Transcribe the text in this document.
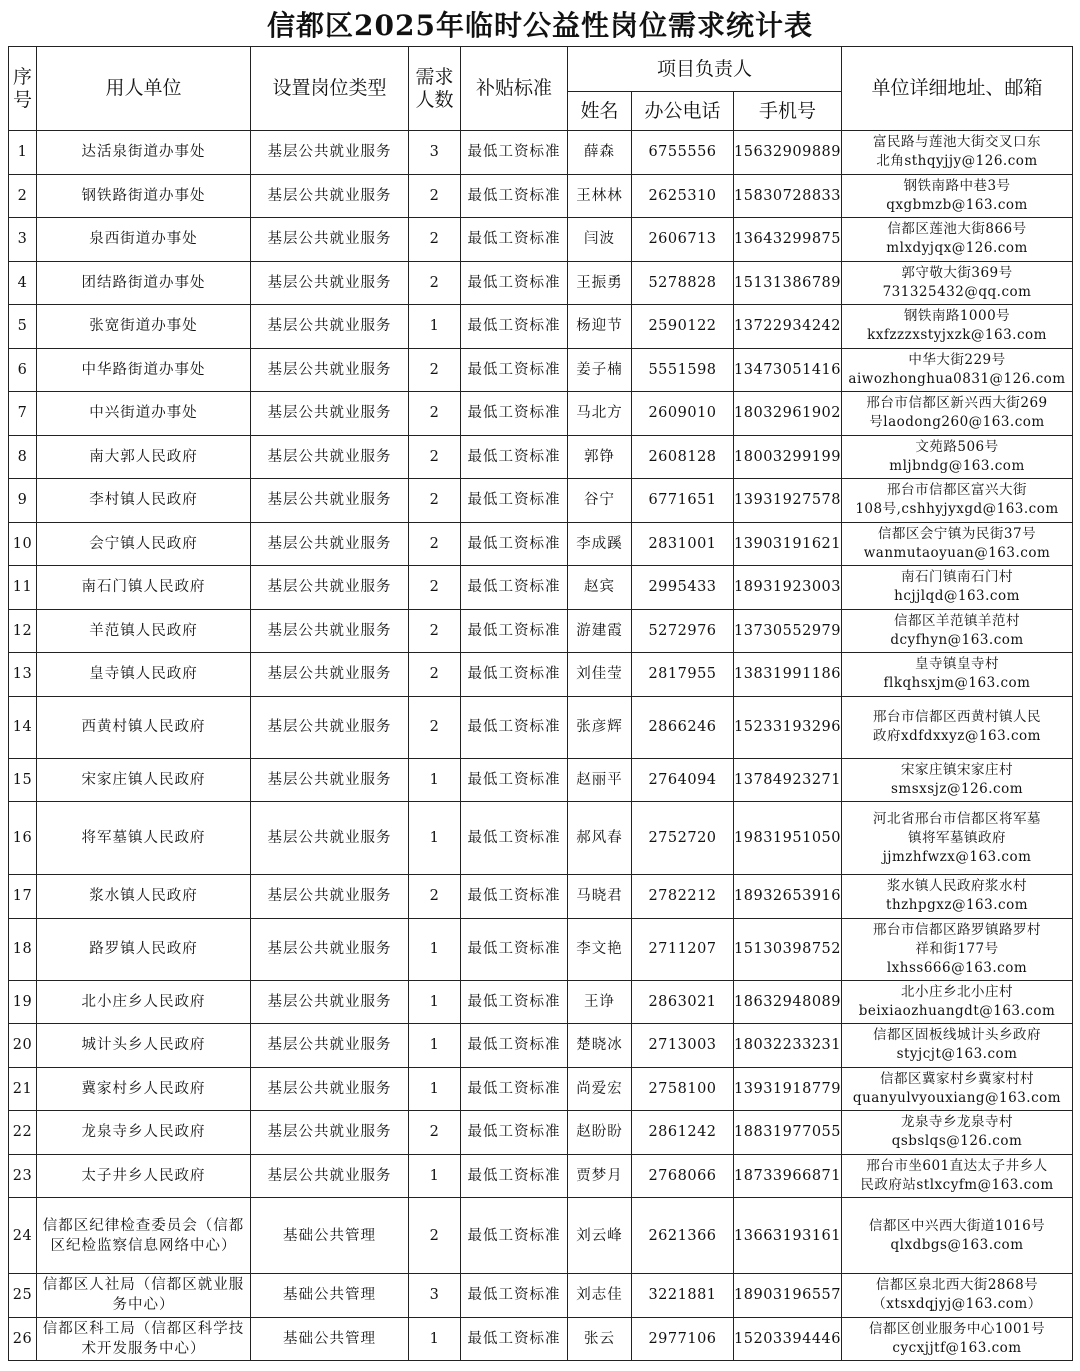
信都区2025年临时公益性岗位需求统计表
序号	用人单位	设置岗位类型	需求人数	补贴标准	项目负责人			单位详细地址、邮箱
					姓名	办公电话	手机号	
1	达活泉街道办事处	基层公共就业服务	3	最低工资标准	薛森	6755556	15632909889	富民路与莲池大街交叉口东
北角sthqyjjy@126.com

2	钢铁路街道办事处	基层公共就业服务	2	最低工资标准	王林林	2625310	15830728833	钢铁南路中巷3号
qxgbmzb@163.com

3	泉西街道办事处	基层公共就业服务	2	最低工资标准	闫波	2606713	13643299875	信都区莲池大街866号
mlxdyjqx@126.com

4	团结路街道办事处	基层公共就业服务	2	最低工资标准	王振勇	5278828	15131386789	郭守敬大街369号
731325432@qq.com

5	张宽街道办事处	基层公共就业服务	1	最低工资标准	杨迎节	2590122	13722934242	钢铁南路1000号
kxfzzzxstyjxzk@163.com

6	中华路街道办事处	基层公共就业服务	2	最低工资标准	姜子楠	5551598	13473051416	中华大街229号
aiwozhonghua0831@126.com

7	中兴街道办事处	基层公共就业服务	2	最低工资标准	马北方	2609010	18032961902	邢台市信都区新兴西大街269
号laodong260@163.com

8	南大郭人民政府	基层公共就业服务	2	最低工资标准	郭铮	2608128	18003299199	文苑路506号
mljbndg@163.com

9	李村镇人民政府	基层公共就业服务	2	最低工资标准	谷宁	6771651	13931927578	邢台市信都区富兴大街
108号,cshhyjyxgd@163.com

10	会宁镇人民政府	基层公共就业服务	2	最低工资标准	李成蹊	2831001	13903191621	信都区会宁镇为民街37号
wanmutaoyuan@163.com

11	南石门镇人民政府	基层公共就业服务	2	最低工资标准	赵宾	2995433	18931923003	南石门镇南石门村
hcjjlqd@163.com

12	羊范镇人民政府	基层公共就业服务	2	最低工资标准	游建霞	5272976	13730552979	信都区羊范镇羊范村
dcyfhyn@163.com

13	皇寺镇人民政府	基层公共就业服务	2	最低工资标准	刘佳莹	2817955	13831991186	皇寺镇皇寺村
flkqhsxjm@163.com

14	西黄村镇人民政府	基层公共就业服务	2	最低工资标准	张彦辉	2866246	15233193296	邢台市信都区西黄村镇人民
政府xdfdxxyz@163.com

15	宋家庄镇人民政府	基层公共就业服务	1	最低工资标准	赵丽平	2764094	13784923271	宋家庄镇宋家庄村
smsxsjz@126.com

16	将军墓镇人民政府	基层公共就业服务	1	最低工资标准	郝风春	2752720	19831951050	河北省邢台市信都区将军墓
镇将军墓镇政府
jjmzhfwzx@163.com

17	浆水镇人民政府	基层公共就业服务	2	最低工资标准	马晓君	2782212	18932653916	浆水镇人民政府浆水村
thzhpgxz@163.com

18	路罗镇人民政府	基层公共就业服务	1	最低工资标准	李文艳	2711207	15130398752	邢台市信都区路罗镇路罗村
祥和街177号
lxhss666@163.com

19	北小庄乡人民政府	基层公共就业服务	1	最低工资标准	王诤	2863021	18632948089	北小庄乡北小庄村
beixiaozhuangdt@163.com

20	城计头乡人民政府	基层公共就业服务	1	最低工资标准	楚晓冰	2713003	18032233231	信都区固板线城计头乡政府
styjcjt@163.com

21	冀家村乡人民政府	基层公共就业服务	1	最低工资标准	尚爱宏	2758100	13931918779	信都区冀家村乡冀家村村
quanyulvyouxiang@163.com

22	龙泉寺乡人民政府	基层公共就业服务	2	最低工资标准	赵盼盼	2861242	18831977055	龙泉寺乡龙泉寺村
qsbslqs@126.com

23	太子井乡人民政府	基层公共就业服务	1	最低工资标准	贾梦月	2768066	18733966871	邢台市坐601直达太子井乡人
民政府站stlxcyfm@163.com

24	信都区纪律检查委员会（信都区纪检监察信息网络中心）	基础公共管理	2	最低工资标准	刘云峰	2621366	13663193161	信都区中兴西大街道1016号
qlxdbgs@163.com

25	信都区人社局（信都区就业服务中心）	基础公共管理	3	最低工资标准	刘志佳	3221881	18903196557	信都区泉北西大街2868号
（xtsxdqjyj@163.com）

26	信都区科工局（信都区科学技术开发服务中心）	基础公共管理	1	最低工资标准	张云	2977106	15203394446	信都区创业服务中心1001号
cycxjjtf@163.com
